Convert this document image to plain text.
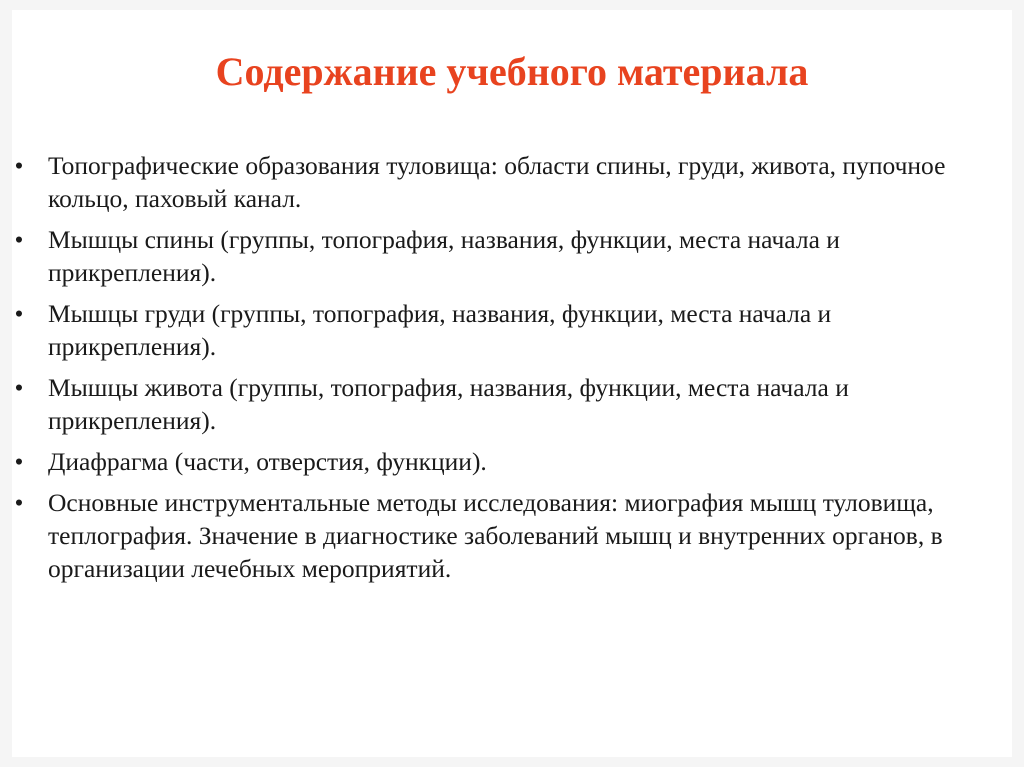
Содержание учебного материала
• Топографические образования туловища: области спины, груди, живота, пупочное кольцо, паховый канал.
• Мышцы спины (группы, топография, названия, функции, места начала и прикрепления).
• Мышцы груди (группы, топография, названия, функции, места начала и прикрепления).
• Мышцы живота (группы, топография, названия, функции, места начала и прикрепления).
• Диафрагма (части, отверстия, функции).
• Основные инструментальные методы исследования: миография мышц туловища, теплография. Значение в диагностике заболеваний мышц и внутренних органов, в организации лечебных мероприятий.
